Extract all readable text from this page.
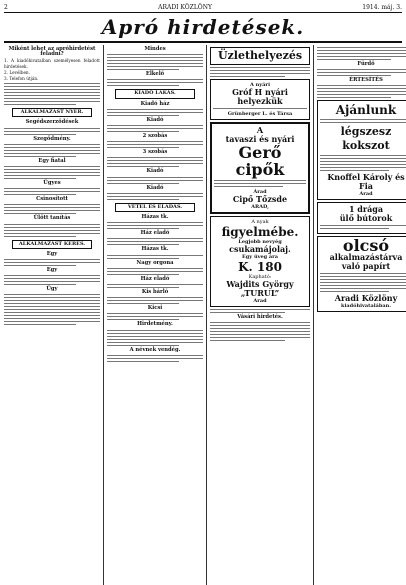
2	ARADI KÖZLÖNY	1914. máj. 3.
Apró hirdetések.
Miként lehet az apróhirdetést feladni?
1. A kiadóhivatalban személyesen feladott hirdetések.
2. Levélben.
3. Telefon útján.
ALKALMAZAST NYER.
Segédszerződések
Szegődmény.
Egy fiatal
Ügyes
Csinosított
Ülőtt tanítás
ALKALMAZÁST KERES.
Egy
Egy
Ügy
Mindes
Elkelő
KIADÓ LAKÁS.
Kiadó ház
Kiadó
2 szobás
3 szobás
Kiadó
Kiadó
VÉTEL ÉS ELADÁS.
Házas tk.
Ház eladó
Házas tk.
Nagy orgona
Ház eladó
Kis bárló
Kicsi
Hirdetmény.
A névnek vendég.
Üzlethelyezés
A nyári
Gróf H nyári
helyezkük
Grünberger L. és Társa
A
tavaszi és nyári
Gerő cipők
Árad
Cipő Tőzsde
ARAD,
A nyak
figyelmébe.
Legjobb nevyég
csukamájolaj.
Egy üveg ára
K. 180
Kapható:
Wajdits György
„TURUL”
Arad
Vásári hirdetés.
Fürdő
ÉRTESÍTÉS
Ajánlunk
légszesz
kokszot
Knoffel Károly és Fia
Arad
1 drága
ülő bútorok
olcsó
alkalmazástárva
való papírt
Aradi Közlöny
kiadóhivatalában.
